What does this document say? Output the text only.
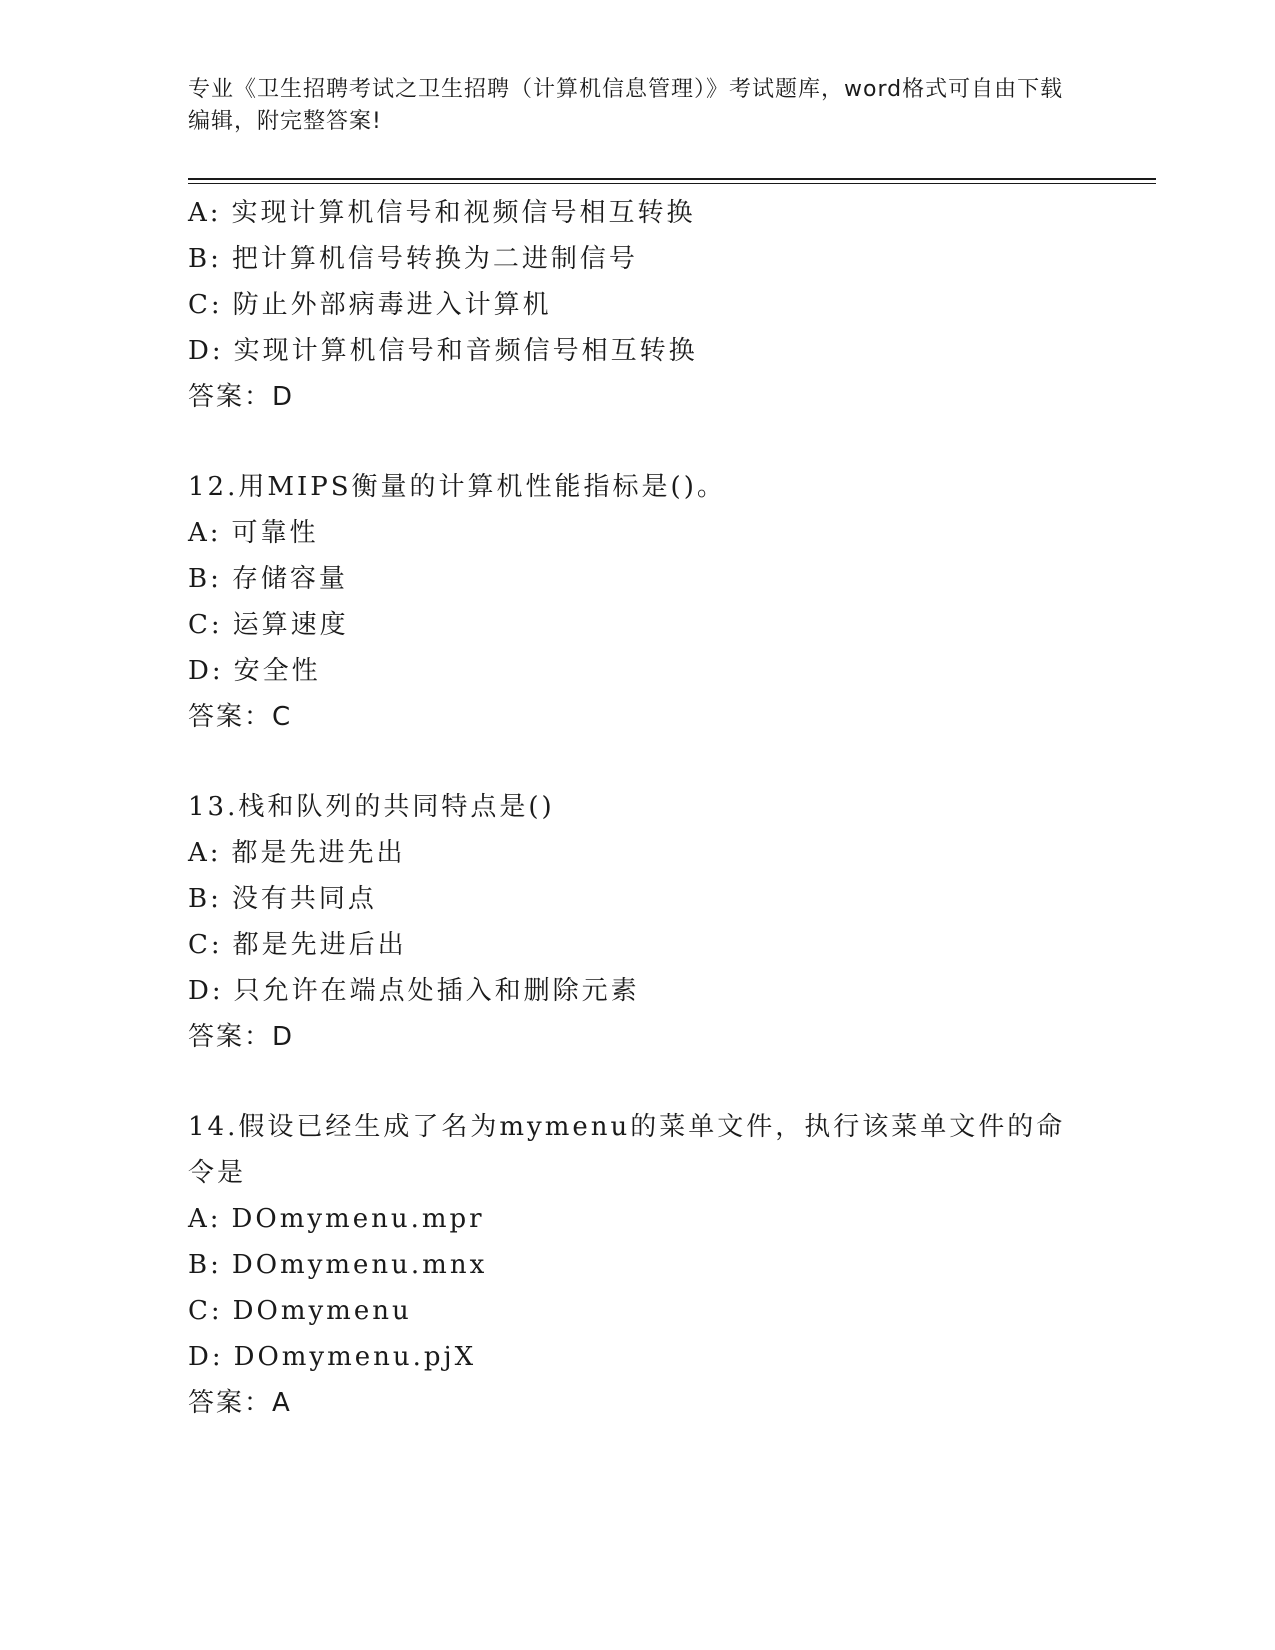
专业《卫生招聘考试之卫生招聘（计算机信息管理）》考试题库，word格式可自由下载编辑，附完整答案!
A: 实现计算机信号和视频信号相互转换
B: 把计算机信号转换为二进制信号
C: 防止外部病毒进入计算机
D: 实现计算机信号和音频信号相互转换
答案：D
12.用MIPS衡量的计算机性能指标是()。
A: 可靠性
B: 存储容量
C: 运算速度
D: 安全性
答案：C
13.栈和队列的共同特点是()
A: 都是先进先出
B: 没有共同点
C: 都是先进后出
D: 只允许在端点处插入和删除元素
答案：D
14.假设已经生成了名为mymenu的菜单文件，执行该菜单文件的命令是
A: DOmymenu.mpr
B: DOmymenu.mnx
C: DOmymenu
D: DOmymenu.pjX
答案：A
